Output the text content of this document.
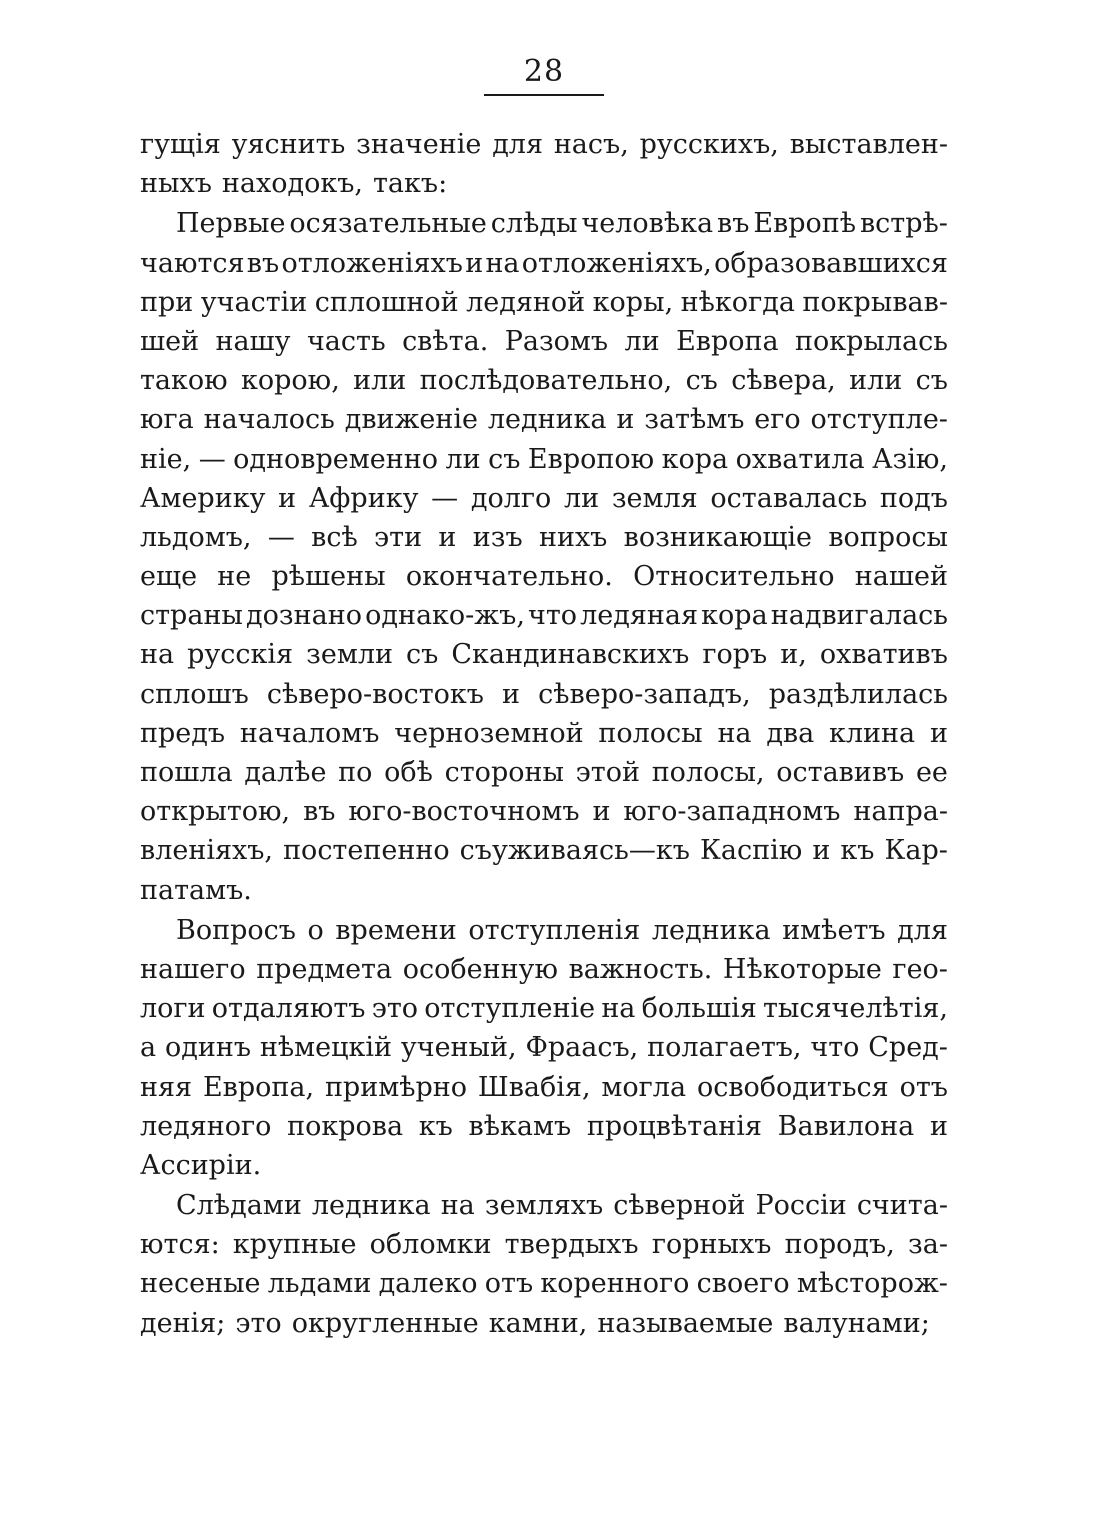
28
гущія уяснить значеніе для насъ, русскихъ, выставлен-
ныхъ находокъ, такъ:
Первые осязательные слѣды человѣка въ Европѣ встрѣ-
чаются въ отложеніяхъ и на отложеніяхъ, образовавшихся
при участіи сплошной ледяной коры, нѣкогда покрывав-
шей нашу часть свѣта. Разомъ ли Европа покрылась
такою корою, или послѣдовательно, съ сѣвера, или съ
юга началось движеніе ледника и затѣмъ его отступле-
ніе, — одновременно ли съ Европою кора охватила Азію,
Америку и Африку — долго ли земля оставалась подъ
льдомъ, — всѣ эти и изъ нихъ возникающіе вопросы
еще не рѣшены окончательно. Относительно нашей
страны дознано однако-жъ, что ледяная кора надвигалась
на русскія земли съ Скандинавскихъ горъ и, охвативъ
сплошъ сѣверо-востокъ и сѣверо-западъ, раздѣлилась
предъ началомъ черноземной полосы на два клина и
пошла далѣе по обѣ стороны этой полосы, оставивъ ее
открытою, въ юго-восточномъ и юго-западномъ напра-
вленіяхъ, постепенно съуживаясь—къ Каспію и къ Кар-
патамъ.
Вопросъ о времени отступленія ледника имѣетъ для
нашего предмета особенную важность. Нѣкоторые гео-
логи отдаляютъ это отступленіе на большія тысячелѣтія,
а одинъ нѣмецкій ученый, Фраасъ, полагаетъ, что Сред-
няя Европа, примѣрно Швабія, могла освободиться отъ
ледяного покрова къ вѣкамъ процвѣтанія Вавилона и
Ассиріи.
Слѣдами ледника на земляхъ сѣверной Россіи счита-
ются: крупные обломки твердыхъ горныхъ породъ, за-
несеные льдами далеко отъ коренного своего мѣсторож-
денія; это округленные камни, называемые валунами;
